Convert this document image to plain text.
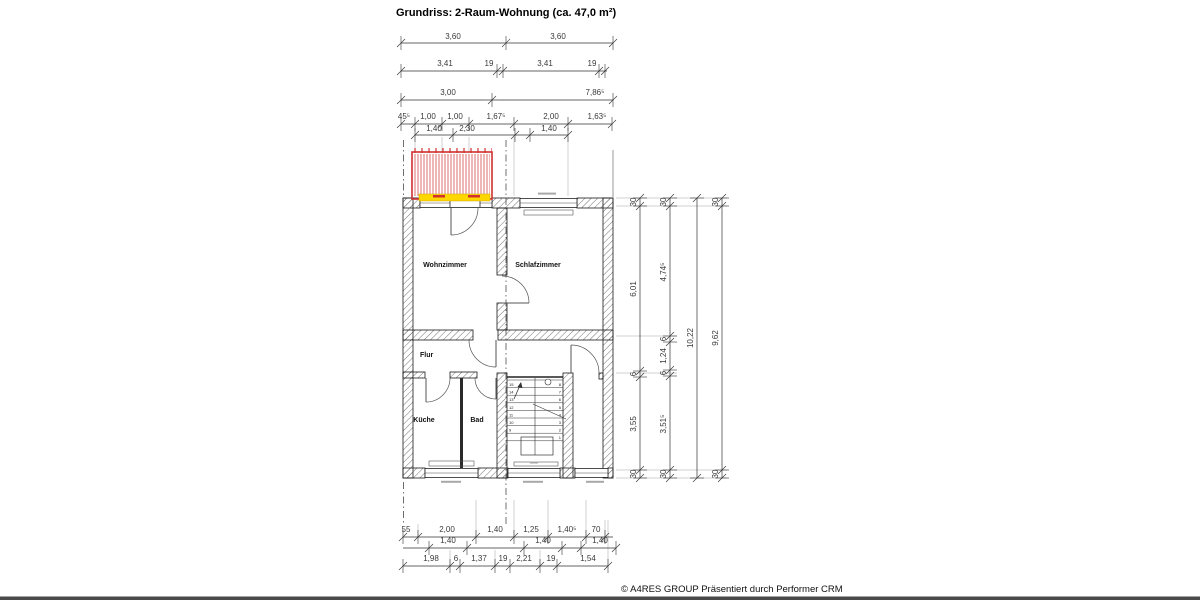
Grundriss: 2-Raum-Wohnung (ca. 47,0 m²)
3,60	3,60
3,41	19	3,41	19
3,00	7,86⁵
45⁵ 1,00 1,00	1,67⁵	2,00	1,63⁵
1,40 2,30	1,40
30
6,01
6
3,55
30
30
4,74⁵
6
1,24
6
3,51⁵
30
10,22
30
9,62
30
55	2,00	1,40	1,25 1,40⁵ 70
1,40	1,40	1,40
1,98 6 1,37 19 2,21 19	1,54
15
14
13
12
11
10
9
8
7
6
5
4
3
2
1
Wohnzimmer	Schlafzimmer
Flur
Küche	Bad
© A4RES GROUP Präsentiert durch Performer CRM
